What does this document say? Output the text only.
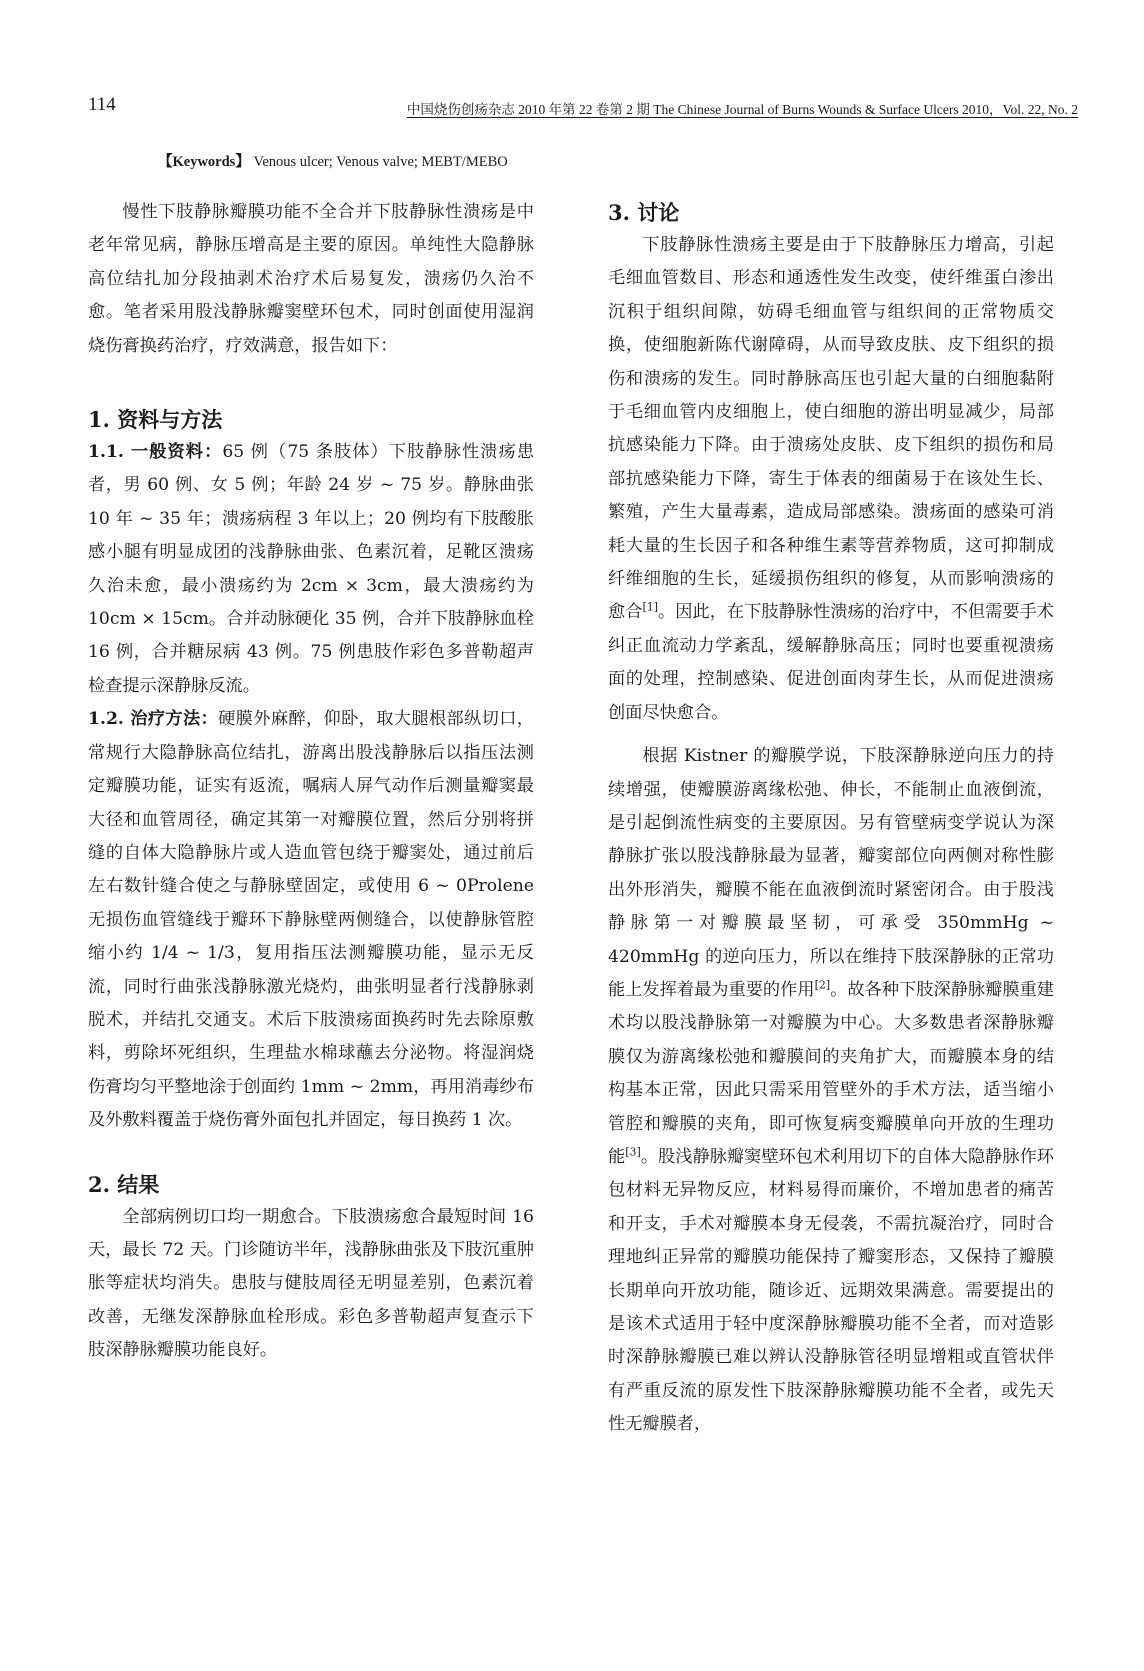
114	中国烧伤创疡杂志 2010 年第 22 卷第 2 期 The Chinese Journal of Burns Wounds & Surface Ulcers 2010，Vol. 22, No. 2
【Keywords】 Venous ulcer; Venous valve; MEBT/MEBO

慢性下肢静脉瓣膜功能不全合并下肢静脉性溃疡是中老年常见病，静脉压增高是主要的原因。单纯性大隐静脉高位结扎加分段抽剥术治疗术后易复发，溃疡仍久治不愈。笔者采用股浅静脉瓣窦壁环包术，同时创面使用湿润烧伤膏换药治疗，疗效满意，报告如下：

1. 资料与方法

1.1. 一般资料：65 例（75 条肢体）下肢静脉性溃疡患者，男 60 例、女 5 例；年龄 24 岁 ~ 75 岁。静脉曲张 10 年 ~ 35 年；溃疡病程 3 年以上；20 例均有下肢酸胀感小腿有明显成团的浅静脉曲张、色素沉着，足靴区溃疡久治未愈，最小溃疡约为 2cm × 3cm，最大溃疡约为 10cm × 15cm。合并动脉硬化 35 例，合并下肢静脉血栓 16 例，合并糖尿病 43 例。75 例患肢作彩色多普勒超声检查提示深静脉反流。

1.2. 治疗方法：硬膜外麻醉，仰卧，取大腿根部纵切口，常规行大隐静脉高位结扎，游离出股浅静脉后以指压法测定瓣膜功能，证实有返流，嘱病人屏气动作后测量瓣窦最大径和血管周径，确定其第一对瓣膜位置，然后分别将拼缝的自体大隐静脉片或人造血管包绕于瓣窦处，通过前后左右数针缝合使之与静脉壁固定，或使用 6 ~ 0Prolene 无损伤血管缝线于瓣环下静脉壁两侧缝合，以使静脉管腔缩小约 1/4 ~ 1/3，复用指压法测瓣膜功能，显示无反流，同时行曲张浅静脉激光烧灼，曲张明显者行浅静脉剥脱术，并结扎交通支。术后下肢溃疡面换药时先去除原敷料，剪除坏死组织，生理盐水棉球蘸去分泌物。将湿润烧伤膏均匀平整地涂于创面约 1mm ~ 2mm，再用消毒纱布及外敷料覆盖于烧伤膏外面包扎并固定，每日换药 1 次。

2. 结果

全部病例切口均一期愈合。下肢溃疡愈合最短时间 16 天，最长 72 天。门诊随访半年，浅静脉曲张及下肢沉重肿胀等症状均消失。患肢与健肢周径无明显差别，色素沉着改善，无继发深静脉血栓形成。彩色多普勒超声复查示下肢深静脉瓣膜功能良好。

3. 讨论

下肢静脉性溃疡主要是由于下肢静脉压力增高，引起毛细血管数目、形态和通透性发生改变，使纤维蛋白渗出沉积于组织间隙，妨碍毛细血管与组织间的正常物质交换，使细胞新陈代谢障碍，从而导致皮肤、皮下组织的损伤和溃疡的发生。同时静脉高压也引起大量的白细胞黏附于毛细血管内皮细胞上，使白细胞的游出明显减少，局部抗感染能力下降。由于溃疡处皮肤、皮下组织的损伤和局部抗感染能力下降，寄生于体表的细菌易于在该处生长、繁殖，产生大量毒素，造成局部感染。溃疡面的感染可消耗大量的生长因子和各种维生素等营养物质，这可抑制成纤维细胞的生长，延缓损伤组织的修复，从而影响溃疡的愈合[1]。因此，在下肢静脉性溃疡的治疗中，不但需要手术纠正血流动力学紊乱，缓解静脉高压；同时也要重视溃疡面的处理，控制感染、促进创面肉芽生长，从而促进溃疡创面尽快愈合。

根据 Kistner 的瓣膜学说，下肢深静脉逆向压力的持续增强，使瓣膜游离缘松弛、伸长，不能制止血液倒流，是引起倒流性病变的主要原因。另有管壁病变学说认为深静脉扩张以股浅静脉最为显著，瓣窦部位向两侧对称性膨出外形消失，瓣膜不能在血液倒流时紧密闭合。由于股浅静脉第一对瓣膜最坚韧，可承受 350mmHg ~ 420mmHg 的逆向压力，所以在维持下肢深静脉的正常功能上发挥着最为重要的作用[2]。故各种下肢深静脉瓣膜重建术均以股浅静脉第一对瓣膜为中心。大多数患者深静脉瓣膜仅为游离缘松弛和瓣膜间的夹角扩大，而瓣膜本身的结构基本正常，因此只需采用管壁外的手术方法，适当缩小管腔和瓣膜的夹角，即可恢复病变瓣膜单向开放的生理功能[3]。股浅静脉瓣窦壁环包术利用切下的自体大隐静脉作环包材料无异物反应，材料易得而廉价，不增加患者的痛苦和开支，手术对瓣膜本身无侵袭，不需抗凝治疗，同时合理地纠正异常的瓣膜功能保持了瓣窦形态，又保持了瓣膜长期单向开放功能，随诊近、远期效果满意。需要提出的是该术式适用于轻中度深静脉瓣膜功能不全者，而对造影时深静脉瓣膜已难以辨认没静脉管径明显增粗或直管状伴有严重反流的原发性下肢深静脉瓣膜功能不全者，或先天性无瓣膜者，
